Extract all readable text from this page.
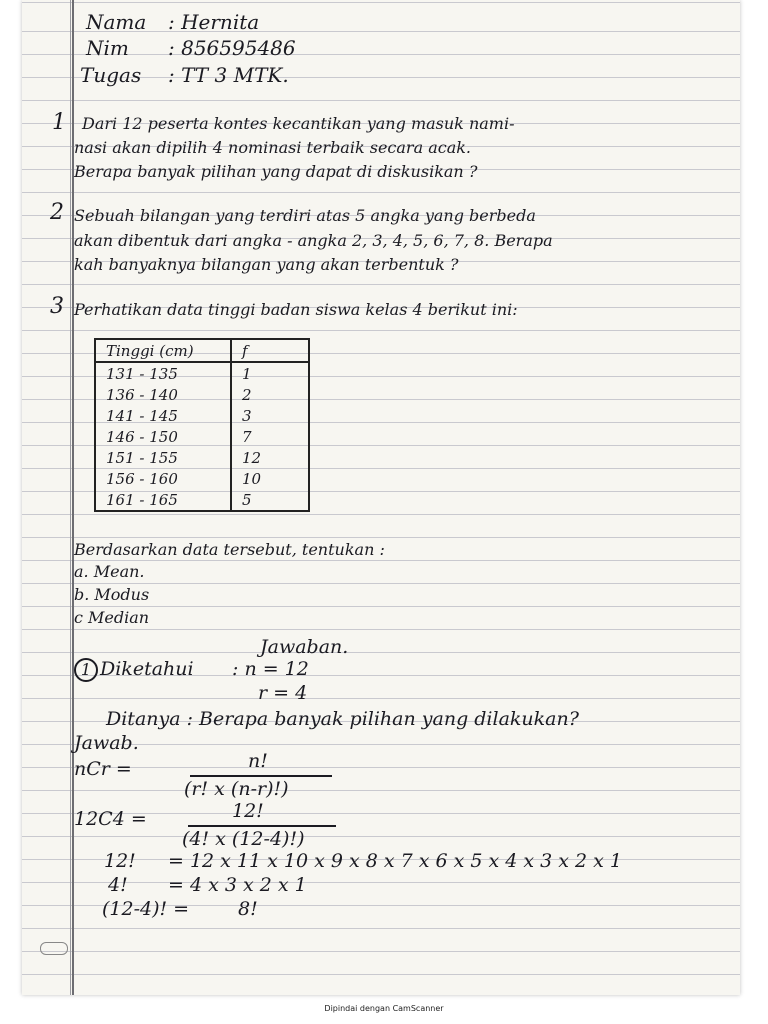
Nama : Hernita
Nim : 856595486
Tugas : TT 3 MTK.
1 Dari 12 peserta kontes kecantikan yang masuk nami-
nasi akan dipilih 4 nominasi terbaik secara acak.
Berapa banyak pilihan yang dapat di diskusikan ?
2 Sebuah bilangan yang terdiri atas 5 angka yang berbeda
akan dibentuk dari angka - angka 2, 3, 4, 5, 6, 7, 8. Berapa
kah banyaknya bilangan yang akan terbentuk ?
3 Perhatikan data tinggi badan siswa kelas 4 berikut ini:
Tinggi (cm)	f
131 - 135	1
136 - 140	2
141 - 145	3
146 - 150	7
151 - 155	12
156 - 160	10
161 - 165	5
Berdasarkan data tersebut, tentukan :
a. Mean.
b. Modus
c Median
Jawaban.
1 Diketahui : n = 12
r = 4
Ditanya : Berapa banyak pilihan yang dilakukan?
Jawab.
nCr =	n!
(r! x (n-r)!)
12C4 =	12!
(4! x (12-4)!)
12! = 12 x 11 x 10 x 9 x 8 x 7 x 6 x 5 x 4 x 3 x 2 x 1
4! = 4 x 3 x 2 x 1
(12-4)! =	8!
Dipindai dengan CamScanner
